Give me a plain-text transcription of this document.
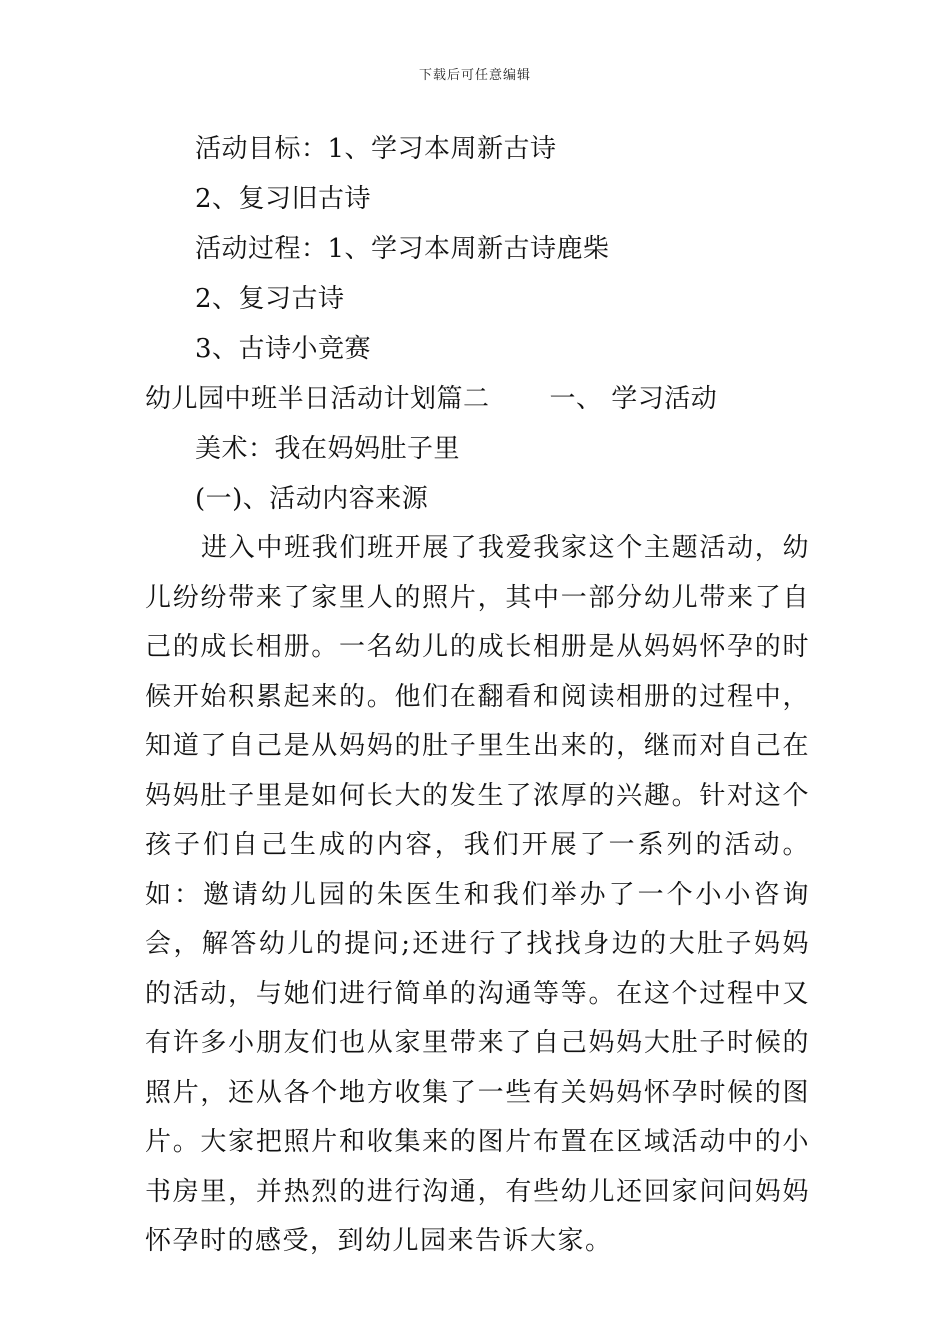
下载后可任意编辑
活动目标：1、学习本周新古诗
2、复习旧古诗
活动过程：1、学习本周新古诗鹿柴
2、复习古诗
3、古诗小竞赛
幼儿园中班半日活动计划篇二 一、 学习活动
美术：我在妈妈肚子里
(一)、活动内容来源

进入中班我们班开展了我爱我家这个主题活动，幼儿纷纷带来了家里人的照片，其中一部分幼儿带来了自己的成长相册。一名幼儿的成长相册是从妈妈怀孕的时候开始积累起来的。他们在翻看和阅读相册的过程中，知道了自己是从妈妈的肚子里生出来的，继而对自己在妈妈肚子里是如何长大的发生了浓厚的兴趣。针对这个孩子们自己生成的内容，我们开展了一系列的活动。如：邀请幼儿园的朱医生和我们举办了一个小小咨询会，解答幼儿的提问;还进行了找找身边的大肚子妈妈的活动，与她们进行简单的沟通等等。在这个过程中又有许多小朋友们也从家里带来了自己妈妈大肚子时候的照片，还从各个地方收集了一些有关妈妈怀孕时候的图片。大家把照片和收集来的图片布置在区域活动中的小书房里，并热烈的进行沟通，有些幼儿还回家问问妈妈怀孕时的感受，到幼儿园来告诉大家。
